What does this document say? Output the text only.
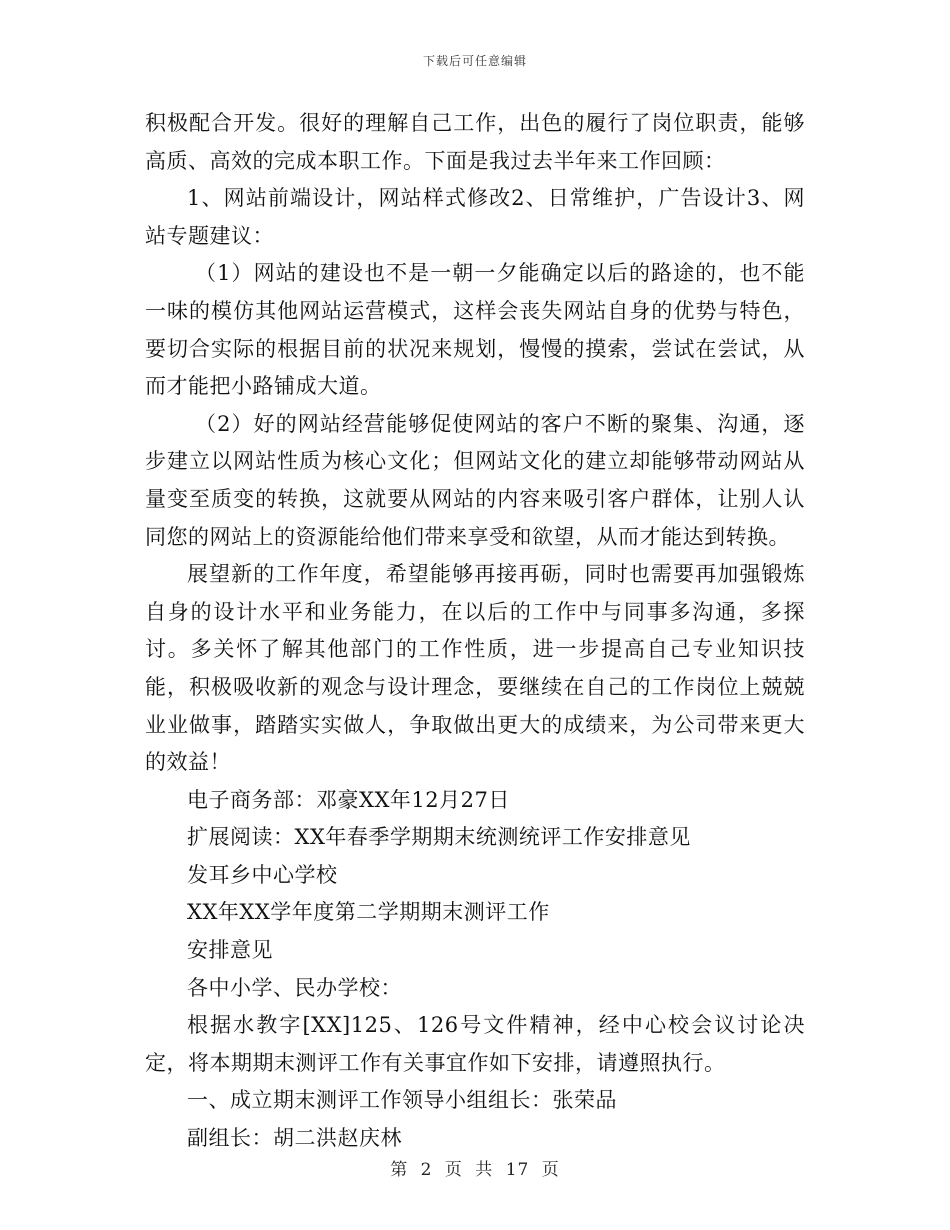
下载后可任意编辑

积极配合开发。很好的理解自己工作，出色的履行了岗位职责，能够高质、高效的完成本职工作。下面是我过去半年来工作回顾：

1、网站前端设计，网站样式修改2、日常维护，广告设计3、网站专题建议：

（1）网站的建设也不是一朝一夕能确定以后的路途的，也不能一味的模仿其他网站运营模式，这样会丧失网站自身的优势与特色，要切合实际的根据目前的状况来规划，慢慢的摸索，尝试在尝试，从而才能把小路铺成大道。

（2）好的网站经营能够促使网站的客户不断的聚集、沟通，逐步建立以网站性质为核心文化；但网站文化的建立却能够带动网站从量变至质变的转换，这就要从网站的内容来吸引客户群体，让别人认同您的网站上的资源能给他们带来享受和欲望，从而才能达到转换。

展望新的工作年度，希望能够再接再砺，同时也需要再加强锻炼自身的设计水平和业务能力，在以后的工作中与同事多沟通，多探讨。多关怀了解其他部门的工作性质，进一步提高自己专业知识技能，积极吸收新的观念与设计理念，要继续在自己的工作岗位上兢兢业业做事，踏踏实实做人，争取做出更大的成绩来，为公司带来更大的效益！

电子商务部：邓豪XX年12月27日

扩展阅读：XX年春季学期期末统测统评工作安排意见

发耳乡中心学校

XX年XX学年度第二学期期末测评工作

安排意见

各中小学、民办学校：

根据水教字[XX]125、126号文件精神，经中心校会议讨论决定，将本期期末测评工作有关事宜作如下安排，请遵照执行。

一、成立期末测评工作领导小组组长：张荣品

副组长：胡二洪赵庆林

第 2 页 共 17 页
